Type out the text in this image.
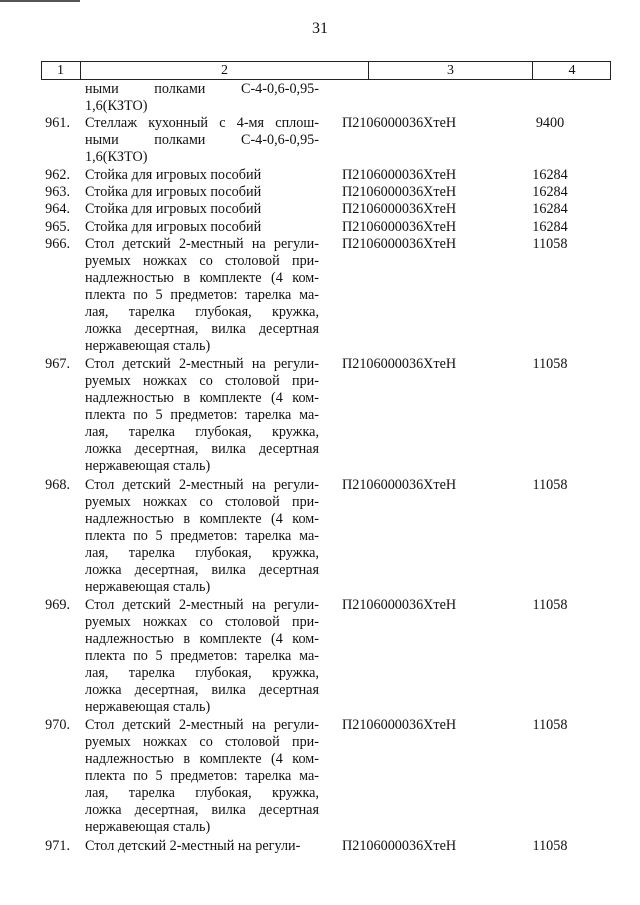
31
1	2	3	4
ными полками С-4-0,6-0,95-
1,6(КЗТО)
961. Стеллаж кухонный с 4-мя сплош-
ными полками С-4-0,6-0,95-
1,6(КЗТО)
П2106000036ХтеН	9400
962. Стойка для игровых пособий	П2106000036ХтеН	16284
963. Стойка для игровых пособий	П2106000036ХтеН	16284
964. Стойка для игровых пособий	П2106000036ХтеН	16284
965. Стойка для игровых пособий	П2106000036ХтеН	16284
966. Стол детский 2-местный на регули-
руемых ножках со столовой при-
надлежностью в комплекте (4 ком-
плекта по 5 предметов: тарелка ма-
лая, тарелка глубокая, кружка,
ложка десертная, вилка десертная
нержавеющая сталь)
П2106000036ХтеН	11058
967. Стол детский 2-местный на регули-
руемых ножках со столовой при-
надлежностью в комплекте (4 ком-
плекта по 5 предметов: тарелка ма-
лая, тарелка глубокая, кружка,
ложка десертная, вилка десертная
нержавеющая сталь)
П2106000036ХтеН	11058
968. Стол детский 2-местный на регули-
руемых ножках со столовой при-
надлежностью в комплекте (4 ком-
плекта по 5 предметов: тарелка ма-
лая, тарелка глубокая, кружка,
ложка десертная, вилка десертная
нержавеющая сталь)
П2106000036ХтеН	11058
969. Стол детский 2-местный на регули-
руемых ножках со столовой при-
надлежностью в комплекте (4 ком-
плекта по 5 предметов: тарелка ма-
лая, тарелка глубокая, кружка,
ложка десертная, вилка десертная
нержавеющая сталь)
П2106000036ХтеН	11058
970. Стол детский 2-местный на регули-
руемых ножках со столовой при-
надлежностью в комплекте (4 ком-
плекта по 5 предметов: тарелка ма-
лая, тарелка глубокая, кружка,
ложка десертная, вилка десертная
нержавеющая сталь)
П2106000036ХтеН	11058
971. Стол детский 2-местный на регули-	П2106000036ХтеН	11058
